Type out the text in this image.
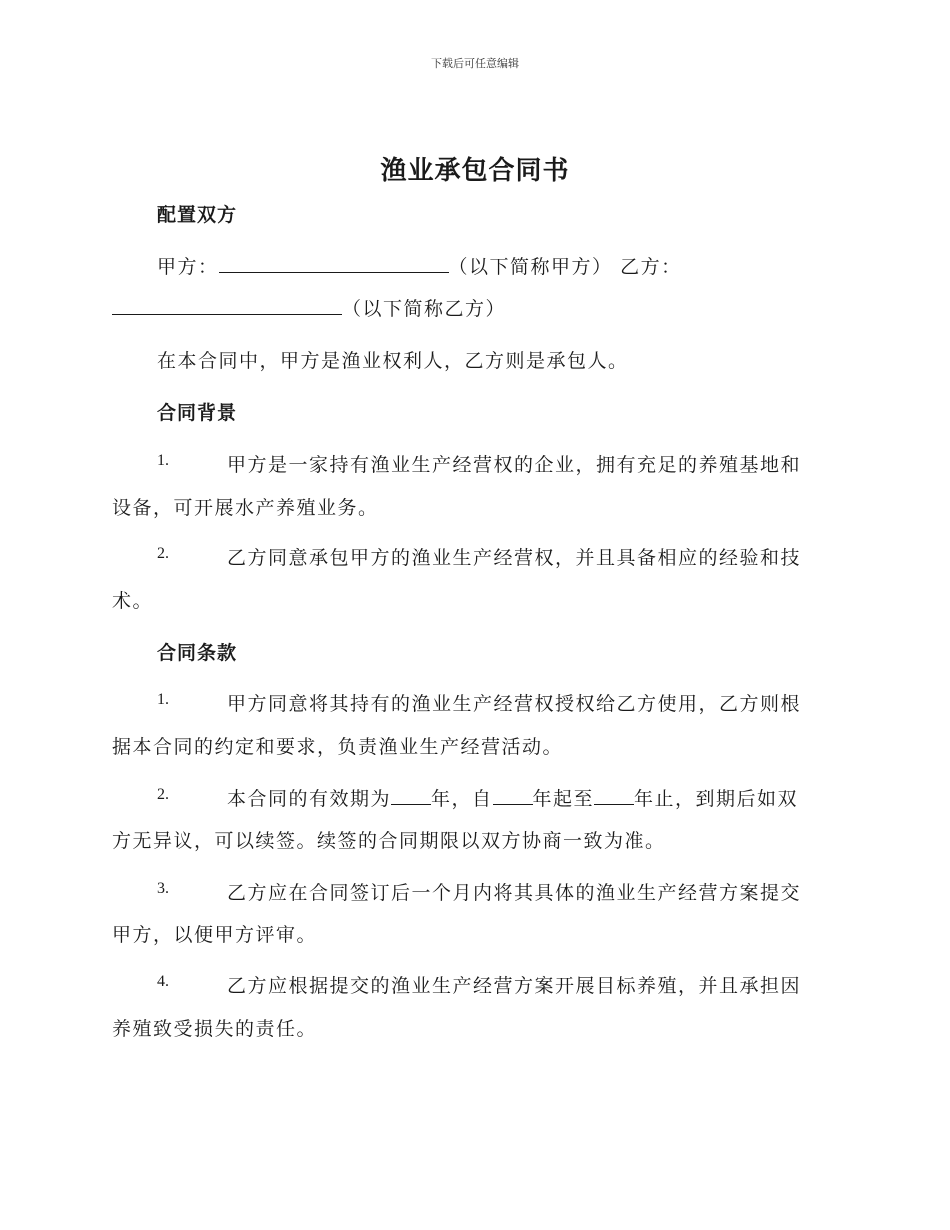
下载后可任意编辑
渔业承包合同书
配置双方
甲方：	（以下简称甲方） 乙方：
（以下简称乙方）
在本合同中，甲方是渔业权利人，乙方则是承包人。
合同背景
1.	甲方是一家持有渔业生产经营权的企业，拥有充足的养殖基地和
设备，可开展水产养殖业务。
2.	乙方同意承包甲方的渔业生产经营权，并且具备相应的经验和技
术。
合同条款
1.	甲方同意将其持有的渔业生产经营权授权给乙方使用，乙方则根
据本合同的约定和要求，负责渔业生产经营活动。
2.	本合同的有效期为 年，自 年起至 年止，到期后如双
方无异议，可以续签。续签的合同期限以双方协商一致为准。
3.	乙方应在合同签订后一个月内将其具体的渔业生产经营方案提交
甲方，以便甲方评审。
4.	乙方应根据提交的渔业生产经营方案开展目标养殖，并且承担因
养殖致受损失的责任。
